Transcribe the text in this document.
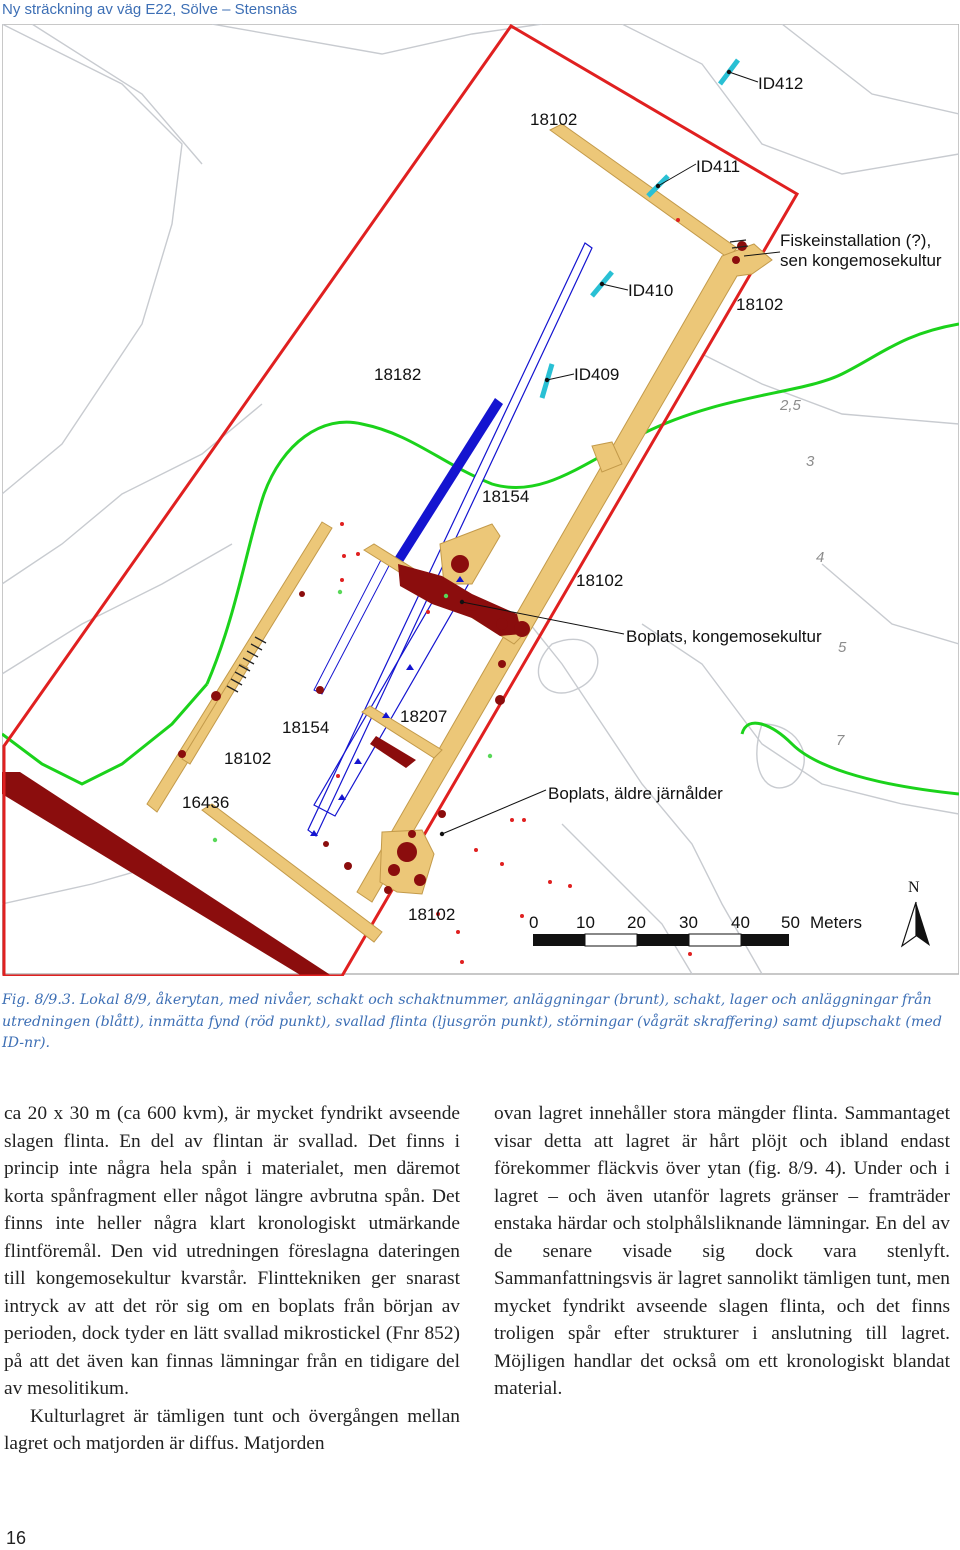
Ny sträckning av väg E22, Sölve – Stensnäs
ID412
18102
ID411
Fiskeinstallation (?),
sen kongemosekultur
ID410
18102
18182	ID409
18154
18102
Boplats, kongemosekultur
18207
18154
18102
Boplats, äldre järnålder
16436
18102
2,5
3
4
5
7
0 10 20 30 40 50 Meters
N
Fig. 8/9.3. Lokal 8/9, åkerytan, med nivåer, schakt och schaktnummer, anläggningar (brunt), schakt, lager och anläggningar från utredningen (blått), inmätta fynd (röd punkt), svallad flinta (ljusgrön punkt), störningar (vågrät skraffering) samt djupschakt (med ID-nr).

ca 20 x 30 m (ca 600 kvm), är mycket fyndrikt avseende slagen flinta. En del av flintan är svallad. Det finns i princip inte några hela spån i materialet, men däremot korta spånfragment eller något längre avbrutna spån. Det finns inte heller några klart kronologiskt utmärkande flintföremål. Den vid utredningen föreslagna dateringen till kongemosekultur kvarstår. Flinttekniken ger snarast intryck av att det rör sig om en boplats från början av perioden, dock tyder en lätt svallad mikrostickel (Fnr 852) på att det även kan finnas lämningar från en tidigare del av mesolitikum.

Kulturlagret är tämligen tunt och övergången mellan lagret och matjorden är diffus. Matjorden

ovan lagret innehåller stora mängder flinta. Sammantaget visar detta att lagret är hårt plöjt och ibland endast förekommer fläckvis över ytan (fig. 8/9. 4). Under och i lagret – och även utanför lagrets gränser – framträder enstaka härdar och stolphålsliknande lämningar. En del av de senare visade sig dock vara stenlyft. Sammanfattningsvis är lagret sannolikt tämligen tunt, men mycket fyndrikt avseende slagen flinta, och det finns troligen spår efter strukturer i anslutning till lagret. Möjligen handlar det också om ett kronologiskt blandat material.

16
